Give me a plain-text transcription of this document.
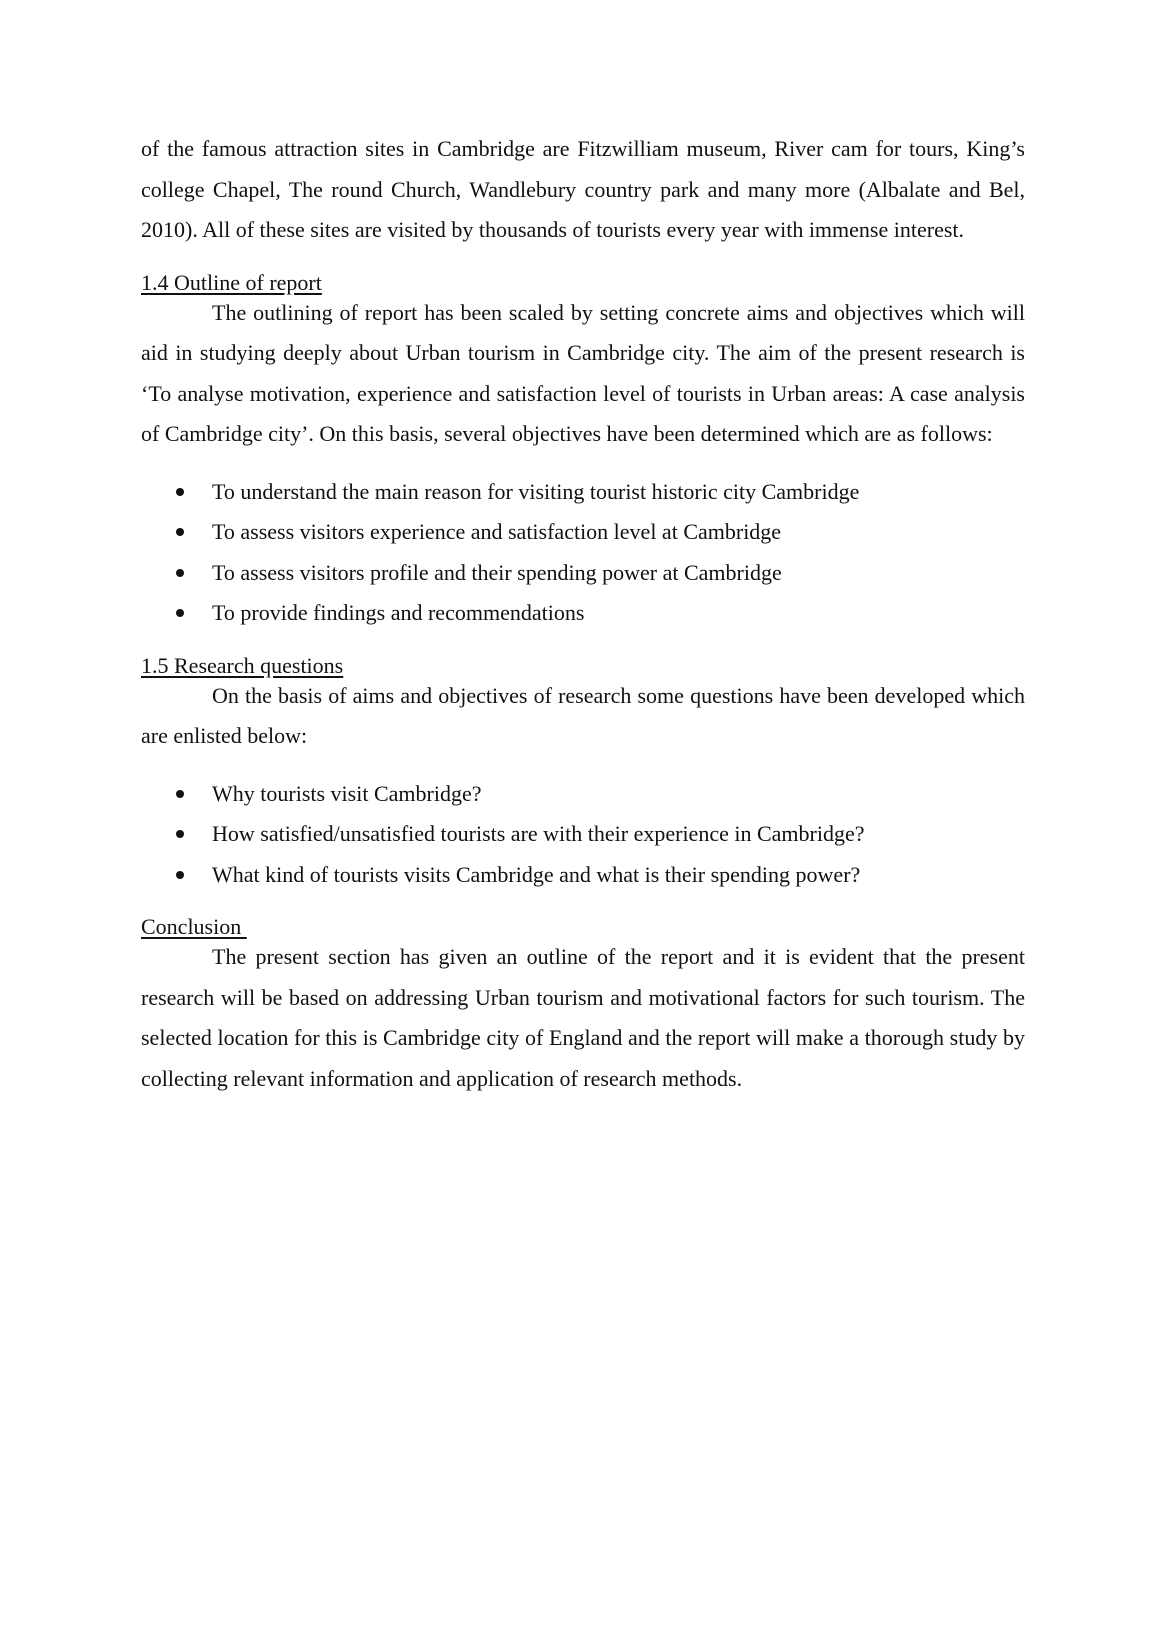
of the famous attraction sites in Cambridge are Fitzwilliam museum, River cam for tours, King’s college Chapel, The round Church, Wandlebury country park and many more (Albalate and Bel, 2010). All of these sites are visited by thousands of tourists every year with immense interest.

1.4 Outline of report

The outlining of report has been scaled by setting concrete aims and objectives which will aid in studying deeply about Urban tourism in Cambridge city. The aim of the present research is ‘To analyse motivation, experience and satisfaction level of tourists in Urban areas: A case analysis of Cambridge city’. On this basis, several objectives have been determined which are as follows:

To understand the main reason for visiting tourist historic city Cambridge
To assess visitors experience and satisfaction level at Cambridge
To assess visitors profile and their spending power at Cambridge
To provide findings and recommendations
1.5 Research questions

On the basis of aims and objectives of research some questions have been developed which are enlisted below:

Why tourists visit Cambridge?
How satisfied/unsatisfied tourists are with their experience in Cambridge?
What kind of tourists visits Cambridge and what is their spending power?
Conclusion

The present section has given an outline of the report and it is evident that the present research will be based on addressing Urban tourism and motivational factors for such tourism. The selected location for this is Cambridge city of England and the report will make a thorough study by collecting relevant information and application of research methods.
